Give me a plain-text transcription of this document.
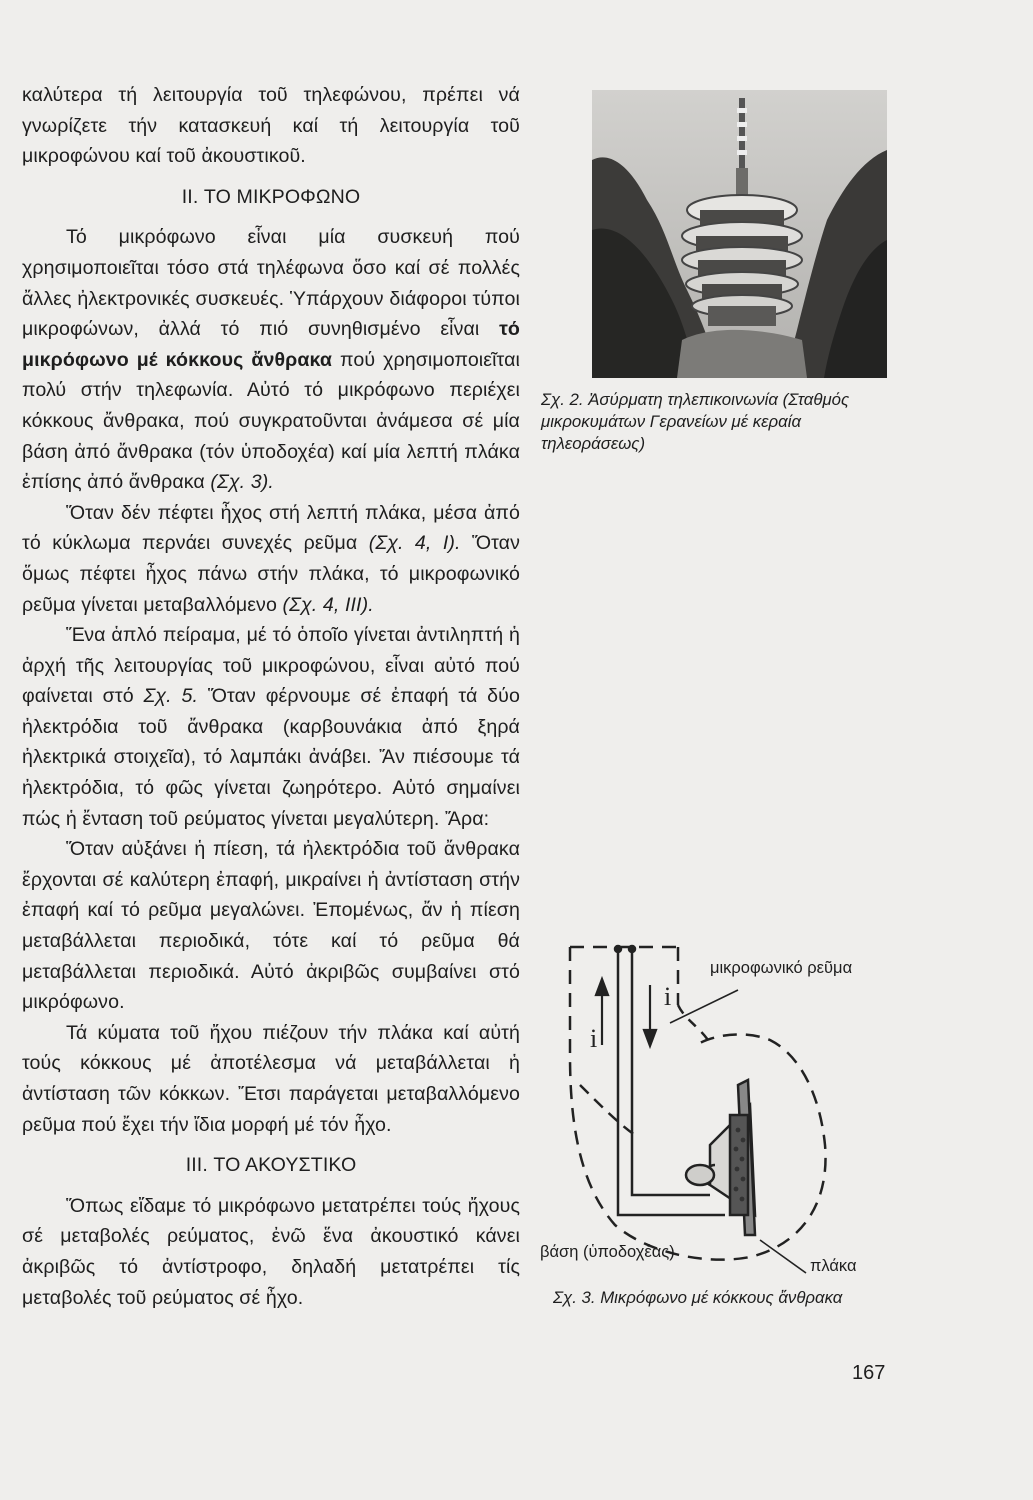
καλύτερα τή λειτουργία τοῦ τηλεφώνου, πρέπει νά γνωρίζετε τήν κατασκευή καί τή λειτουργία τοῦ μικροφώνου καί τοῦ ἀκουστικοῦ.

II. ΤΟ ΜΙΚΡΟΦΩΝΟ

Τό μικρόφωνο εἶναι μία συσκευή πού χρησιμοποιεῖται τόσο στά τηλέφωνα ὅσο καί σέ πολλές ἄλλες ἠλεκτρονικές συσκευές. Ὑπάρχουν διάφοροι τύποι μικροφώνων, ἀλλά τό πιό συνηθισμένο εἶναι τό μικρόφωνο μέ κόκκους ἄνθρακα πού χρησιμοποιεῖται πολύ στήν τηλεφωνία. Αὐτό τό μικρόφωνο περιέχει κόκκους ἄνθρακα, πού συγκρατοῦνται ἀνάμεσα σέ μία βάση ἀπό ἄνθρακα (τόν ὑποδοχέα) καί μία λεπτή πλάκα ἐπίσης ἀπό ἄνθρακα (Σχ. 3).

Ὅταν δέν πέφτει ἦχος στή λεπτή πλάκα, μέσα ἀπό τό κύκλωμα περνάει συνεχές ρεῦμα (Σχ. 4, I). Ὅταν ὅμως πέφτει ἦχος πάνω στήν πλάκα, τό μικροφωνικό ρεῦμα γίνεται μεταβαλλόμενο (Σχ. 4, III).

Ἕνα ἁπλό πείραμα, μέ τό ὁποῖο γίνεται ἀντιληπτή ἡ ἀρχή τῆς λειτουργίας τοῦ μικροφώνου, εἶναι αὐτό πού φαίνεται στό Σχ. 5. Ὅταν φέρνουμε σέ ἐπαφή τά δύο ἠλεκτρόδια τοῦ ἄνθρακα (καρβουνάκια ἀπό ξηρά ἠλεκτρικά στοιχεῖα), τό λαμπάκι ἀνάβει. Ἄν πιέσουμε τά ἠλεκτρόδια, τό φῶς γίνεται ζωηρότερο. Αὐτό σημαίνει πώς ἡ ἔνταση τοῦ ρεύματος γίνεται μεγαλύτερη. Ἄρα:

Ὅταν αὐξάνει ἡ πίεση, τά ἠλεκτρόδια τοῦ ἄνθρακα ἔρχονται σέ καλύτερη ἐπαφή, μικραίνει ἡ ἀντίσταση στήν ἐπαφή καί τό ρεῦμα μεγαλώνει. Ἐπομένως, ἄν ἡ πίεση μεταβάλλεται περιοδικά, τότε καί τό ρεῦμα θά μεταβάλλεται περιοδικά. Αὐτό ἀκριβῶς συμβαίνει στό μικρόφωνο.

Τά κύματα τοῦ ἤχου πιέζουν τήν πλάκα καί αὐτή τούς κόκκους μέ ἀποτέλεσμα νά μεταβάλλεται ἡ ἀντίσταση τῶν κόκκων. Ἔτσι παράγεται μεταβαλλόμενο ρεῦμα πού ἔχει τήν ἴδια μορφή μέ τόν ἦχο.

III. ΤΟ ΑΚΟΥΣΤΙΚΟ

Ὅπως εἴδαμε τό μικρόφωνο μετατρέπει τούς ἤχους σέ μεταβολές ρεύματος, ἐνῶ ἕνα ἀκουστικό κάνει ἀκριβῶς τό ἀντίστροφο, δηλαδή μετατρέπει τίς μεταβολές τοῦ ρεύματος σέ ἦχο.

Σχ. 2. Ἀσύρματη τηλεπικοινωνία (Σταθμός μικροκυμάτων Γερανείων μέ κεραία τηλεοράσεως)
i
i
μικροφωνικό ρεῦμα
βάση (ὑποδοχέας)
πλάκα
Σχ. 3. Μικρόφωνο μέ κόκκους ἄνθρακα
167
